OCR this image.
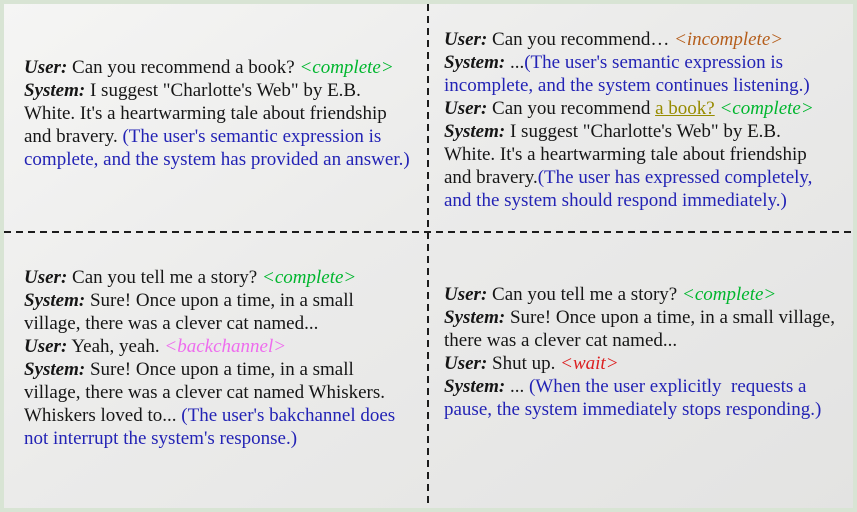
User: Can you recommend a book? <complete>
System: I suggest "Charlotte's Web" by E.B.
White. It's a heartwarming tale about friendship
and bravery. (The user's semantic expression is
complete, and the system has provided an answer.)
User: Can you recommend… <incomplete>
System: ...(The user's semantic expression is
incomplete, and the system continues listening.)
User: Can you recommend a book? <complete>
System: I suggest "Charlotte's Web" by E.B.
White. It's a heartwarming tale about friendship
and bravery.(The user has expressed completely,
and the system should respond immediately.)
User: Can you tell me a story? <complete>
System: Sure! Once upon a time, in a small
village, there was a clever cat named...
User: Yeah, yeah. <backchannel>
System: Sure! Once upon a time, in a small
village, there was a clever cat named Whiskers.
Whiskers loved to... (The user's bakchannel does
not interrupt the system's response.)
User: Can you tell me a story? <complete>
System: Sure! Once upon a time, in a small village,
there was a clever cat named...
User: Shut up. <wait>
System: ... (When the user explicitly  requests a
pause, the system immediately stops responding.)
